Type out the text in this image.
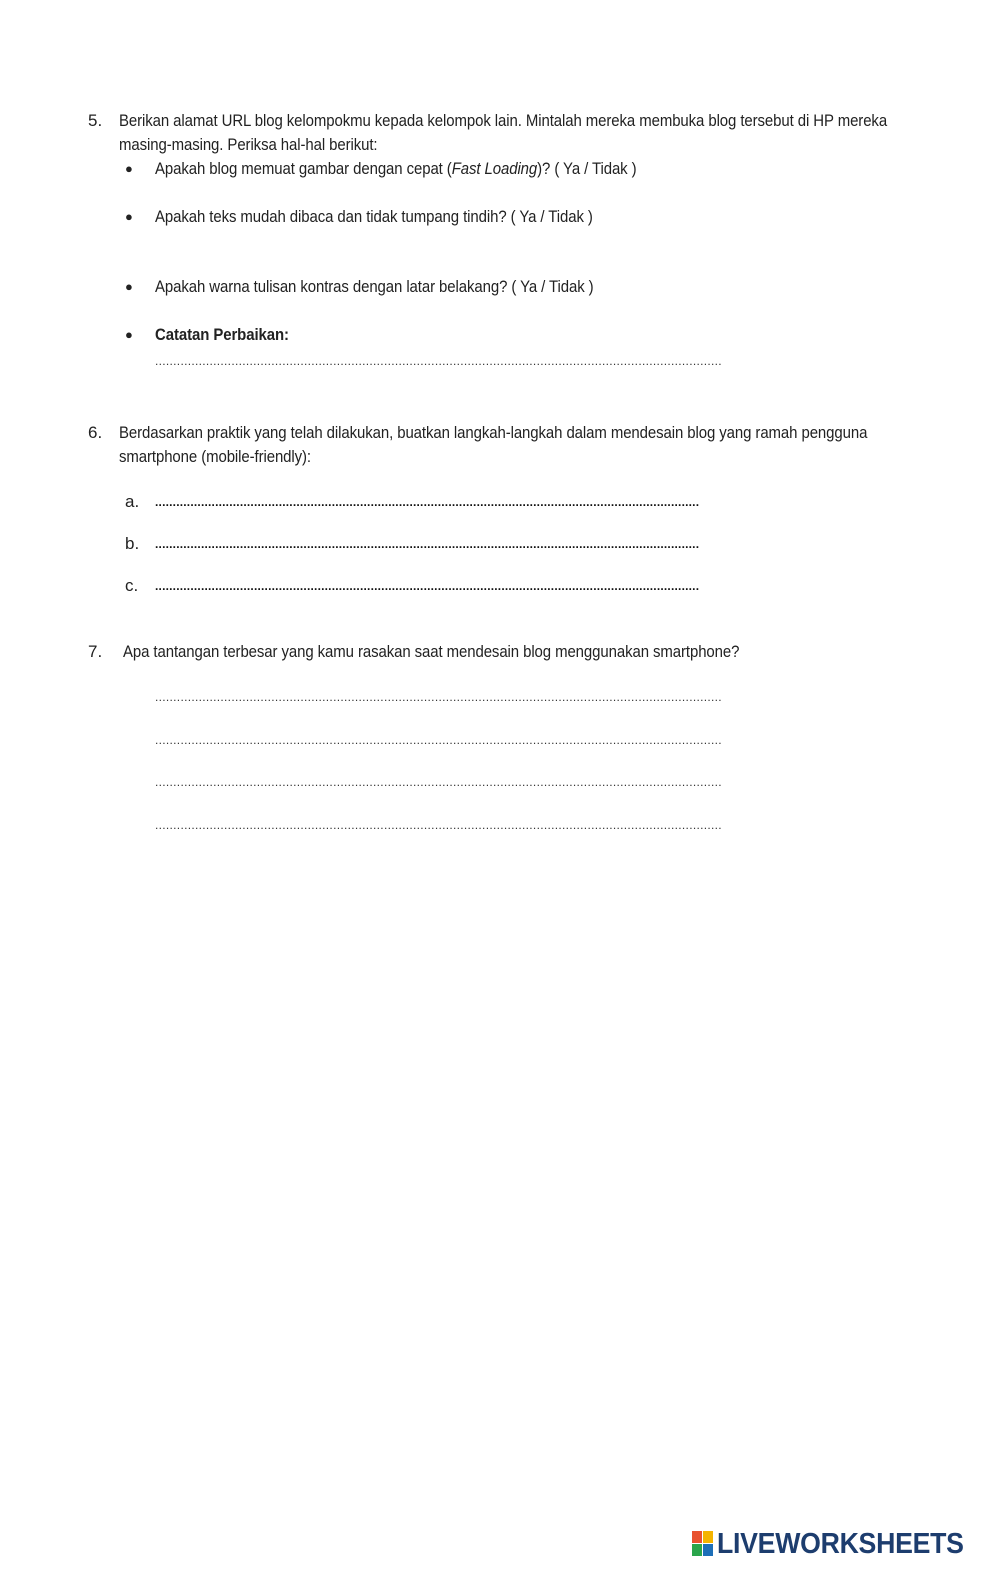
5. Berikan alamat URL blog kelompokmu kepada kelompok lain. Mintalah mereka membuka blog tersebut di HP mereka
masing-masing. Periksa hal-hal berikut:
● Apakah blog memuat gambar dengan cepat (Fast Loading)? ( Ya / Tidak )
● Apakah teks mudah dibaca dan tidak tumpang tindih? ( Ya / Tidak )
● Apakah warna tulisan kontras dengan latar belakang? ( Ya / Tidak )
● Catatan Perbaikan:
............................................................................................................................................................
6. Berdasarkan praktik yang telah dilakukan, buatkan langkah-langkah dalam mendesain blog yang ramah pengguna
smartphone (mobile-friendly):
a. ..........................................................................................................................................................
b. ..........................................................................................................................................................
c. ..........................................................................................................................................................
7. Apa tantangan terbesar yang kamu rasakan saat mendesain blog menggunakan smartphone?
............................................................................................................................................................
............................................................................................................................................................
............................................................................................................................................................
............................................................................................................................................................
LIVEWORKSHEETS
